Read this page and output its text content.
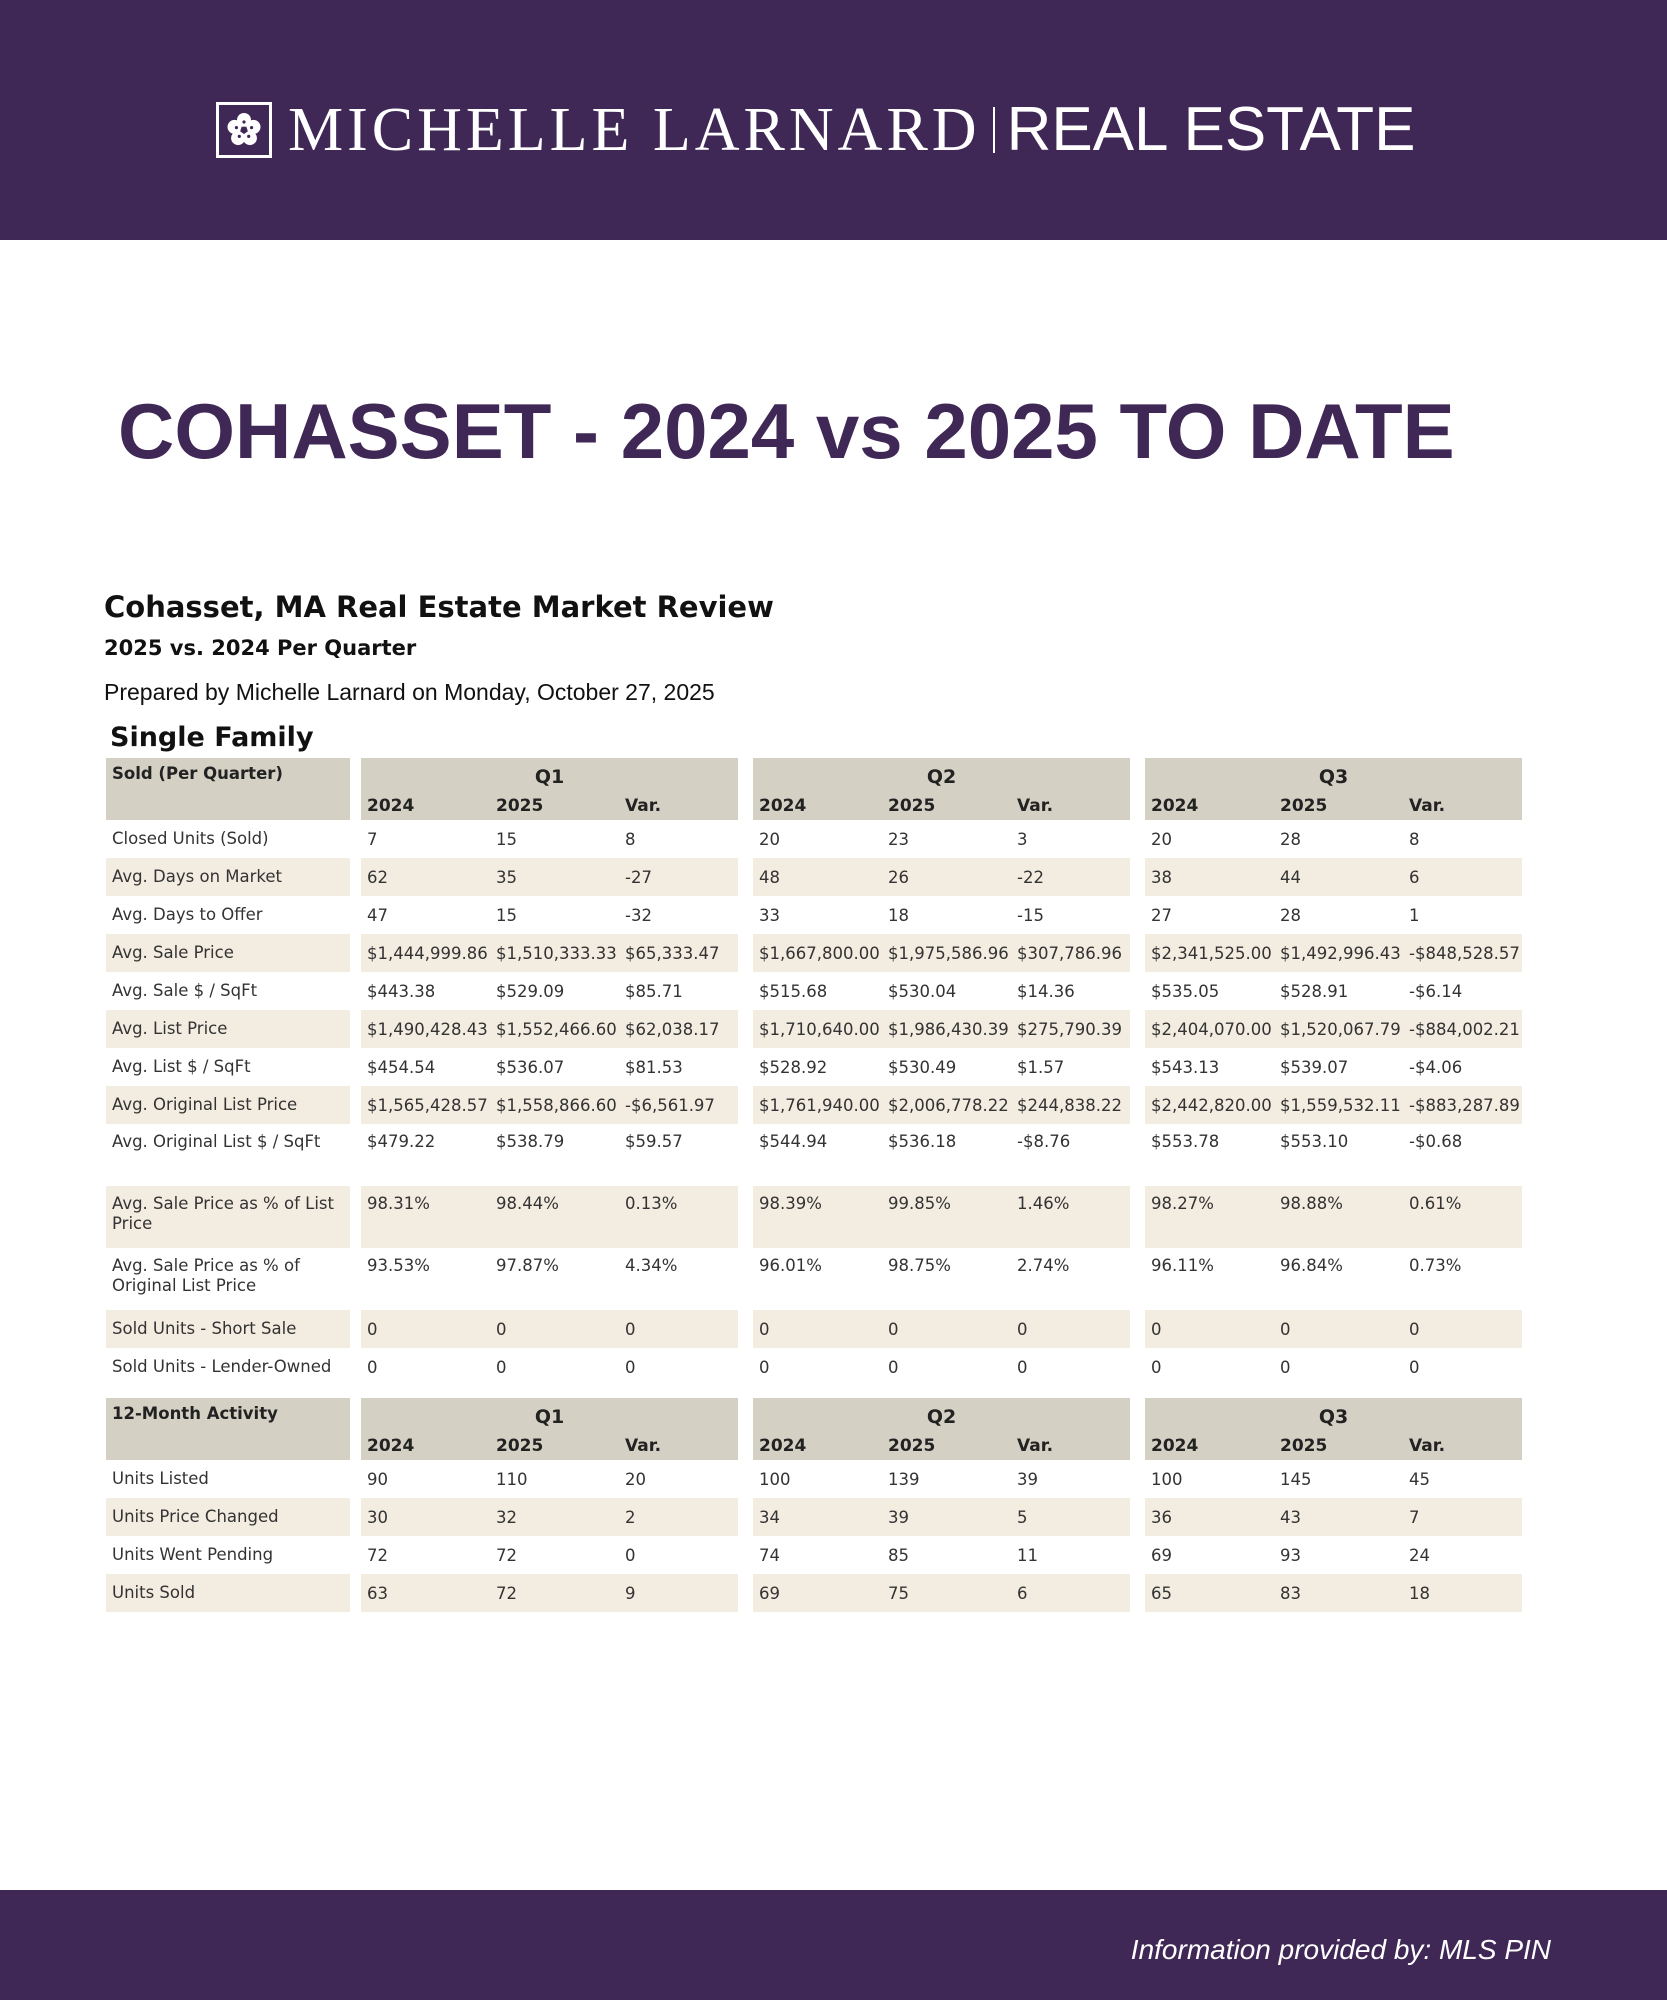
MICHELLE LARNARD REAL ESTATE
COHASSET - 2024 vs 2025 TO DATE
Cohasset, MA Real Estate Market Review
2025 vs. 2024 Per Quarter
Prepared by Michelle Larnard on Monday, October 27, 2025
Single Family
Sold (Per Quarter)		Q1				Q2				Q3			
		2024	2025	Var.		2024	2025	Var.		2024	2025	Var.	
Closed Units (Sold)		7	15	8		20	23	3		20	28	8	
Avg. Days on Market		62	35	-27		48	26	-22		38	44	6	
Avg. Days to Offer		47	15	-32		33	18	-15		27	28	1	
Avg. Sale Price		$1,444,999.86	$1,510,333.33	$65,333.47		$1,667,800.00	$1,975,586.96	$307,786.96		$2,341,525.00	$1,492,996.43	-$848,528.57	
Avg. Sale $ / SqFt		$443.38	$529.09	$85.71		$515.68	$530.04	$14.36		$535.05	$528.91	-$6.14	
Avg. List Price		$1,490,428.43	$1,552,466.60	$62,038.17		$1,710,640.00	$1,986,430.39	$275,790.39		$2,404,070.00	$1,520,067.79	-$884,002.21	
Avg. List $ / SqFt		$454.54	$536.07	$81.53		$528.92	$530.49	$1.57		$543.13	$539.07	-$4.06	
Avg. Original List Price		$1,565,428.57	$1,558,866.60	-$6,561.97		$1,761,940.00	$2,006,778.22	$244,838.22		$2,442,820.00	$1,559,532.11	-$883,287.89	
Avg. Original List $ / SqFt		$479.22	$538.79	$59.57		$544.94	$536.18	-$8.76		$553.78	$553.10	-$0.68	
Avg. Sale Price as % of List Price		98.31%	98.44%	0.13%		98.39%	99.85%	1.46%		98.27%	98.88%	0.61%	
Avg. Sale Price as % of Original List Price		93.53%	97.87%	4.34%		96.01%	98.75%	2.74%		96.11%	96.84%	0.73%	
Sold Units - Short Sale		0	0	0		0	0	0		0	0	0	
Sold Units - Lender-Owned		0	0	0		0	0	0		0	0	0	

12-Month Activity		Q1				Q2				Q3			
		2024	2025	Var.		2024	2025	Var.		2024	2025	Var.	
Units Listed		90	110	20		100	139	39		100	145	45	
Units Price Changed		30	32	2		34	39	5		36	43	7	
Units Went Pending		72	72	0		74	85	11		69	93	24	
Units Sold		63	72	9		69	75	6		65	83	18	
Information provided by: MLS PIN
